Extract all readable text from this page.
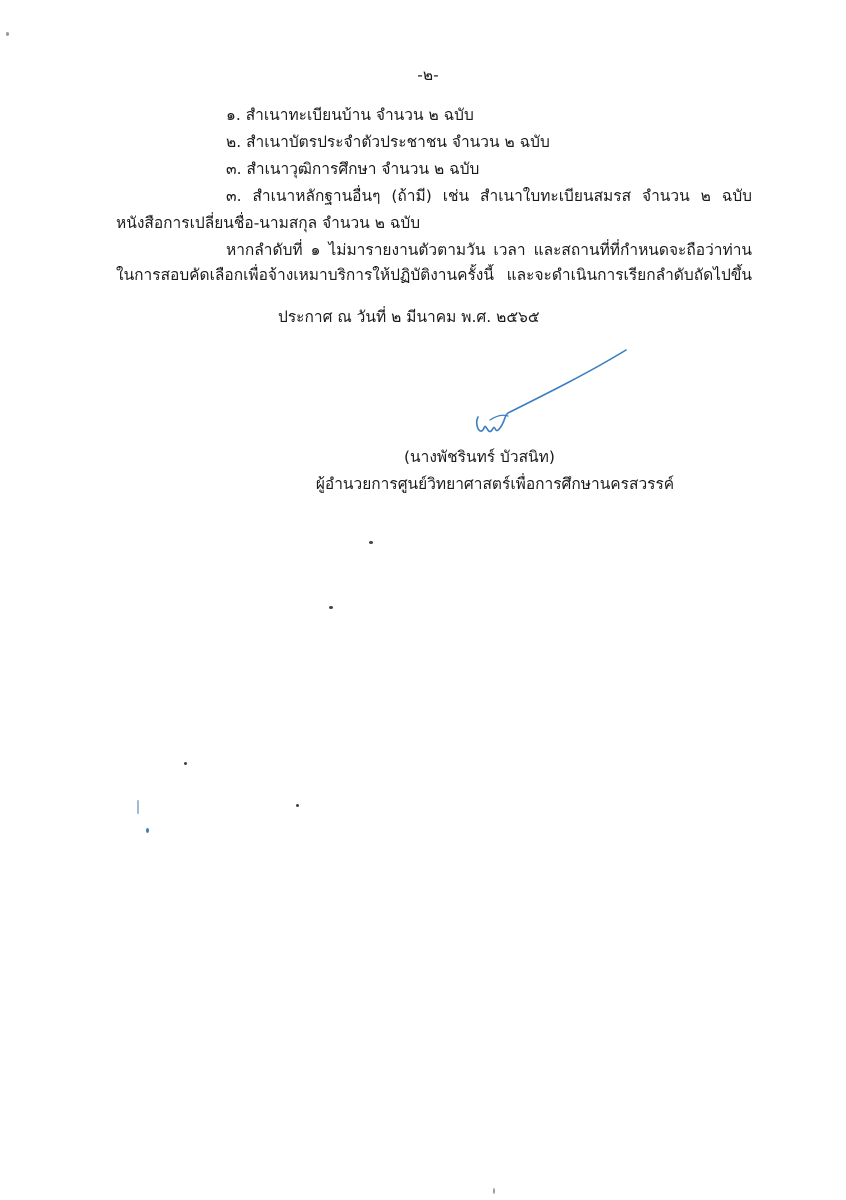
-๒-

๑. สำเนาทะเบียนบ้าน จำนวน ๒ ฉบับ

๒. สำเนาบัตรประจำตัวประชาชน จำนวน ๒ ฉบับ

๓. สำเนาวุฒิการศึกษา จำนวน ๒ ฉบับ

๓. สำเนาหลักฐานอื่นๆ (ถ้ามี) เช่น สำเนาใบทะเบียนสมรส จำนวน ๒ ฉบับ

หนังสือการเปลี่ยนชื่อ-นามสกุล จำนวน ๒ ฉบับ

หากลำดับที่ ๑ ไม่มารายงานตัวตามวัน เวลา และสถานที่ที่กำหนดจะถือว่าท่าน

ในการสอบคัดเลือกเพื่อจ้างเหมาบริการให้ปฏิบัติงานครั้งนี้ และจะดำเนินการเรียกลำดับถัดไปขึ้น

ประกาศ ณ วันที่ ๒ มีนาคม พ.ศ. ๒๕๖๕

(นางพัชรินทร์ บัวสนิท)

ผู้อำนวยการศูนย์วิทยาศาสตร์เพื่อการศึกษานครสวรรค์
